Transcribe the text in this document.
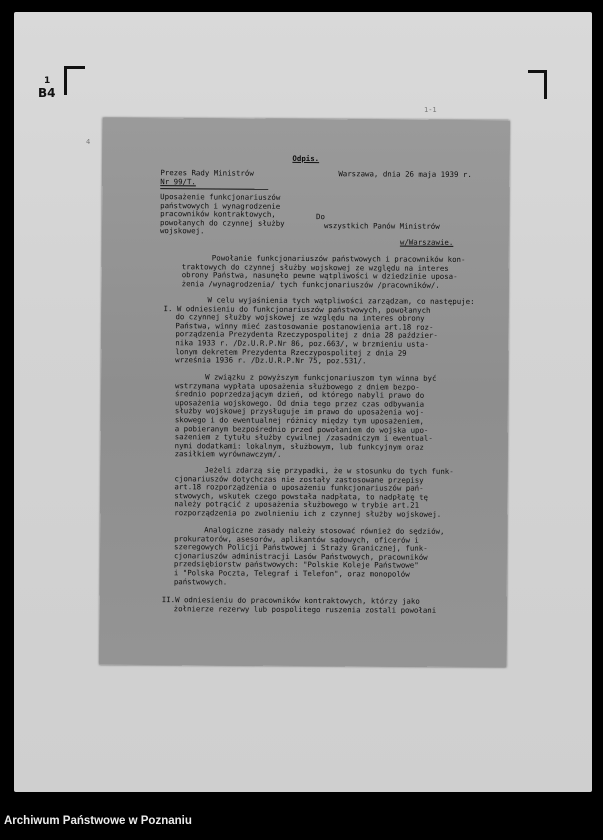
1
B4
4
1-1

Odpis.

Prezes Rady Ministrów

Nr 99/T.

Warszawa, dnia 26 maja 1939 r.

Uposażenie funkcjonariuszów

państwowych i wynagrodzenie

pracowników kontraktowych,

powołanych do czynnej służby

wojskowej.

Do

wszystkich Panów Ministrów

w/Warszawie.

Powołanie funkcjonariuszów państwowych i pracowników kon-

traktowych do czynnej służby wojskowej ze względu na interes

obrony Państwa, nasunęło pewne wątpliwości w dziedzinie uposa-

żenia /wynagrodzenia/ tych funkcjonariuszów /pracowników/.

W celu wyjaśnienia tych wątpliwości zarządzam, co następuje:

I. W odniesieniu do funkcjonariuszów państwowych, powołanych

do czynnej służby wojskowej ze względu na interes obrony

Państwa, winny mieć zastosowanie postanowienia art.18 roz-

porządzenia Prezydenta Rzeczypospolitej z dnia 28 paździer-

nika 1933 r. /Dz.U.R.P.Nr 86, poz.663/, w brzmieniu usta-

lonym dekretem Prezydenta Rzeczypospolitej z dnia 29

września 1936 r. /Dz.U.R.P.Nr 75, poz.531/.

W związku z powyższym funkcjonariuszom tym winna być

wstrzymana wypłata uposażenia służbowego z dniem bezpo-

średnio poprzedzającym dzień, od którego nabyli prawo do

uposażenia wojskowego. Od dnia tego przez czas odbywania

służby wojskowej przysługuje im prawo do uposażenia woj-

skowego i do ewentualnej różnicy między tym uposażeniem,

a pobieranym bezpośrednio przed powołaniem do wojska upo-

sażeniem z tytułu służby cywilnej /zasadniczym i ewentual-

nymi dodatkami: lokalnym, służbowym, lub funkcyjnym oraz

zasiłkiem wyrównawczym/.

Jeżeli zdarzą się przypadki, że w stosunku do tych funk-

cjonariuszów dotychczas nie zostały zastosowane przepisy

art.18 rozporządzenia o uposażeniu funkcjonariuszów pań-

stwowych, wskutek czego powstała nadpłata, to nadpłatę tę

należy potrącić z uposażenia służbowego w trybie art.21

rozporządzenia po zwolnieniu ich z czynnej służby wojskowej.

Analogiczne zasady należy stosować również do sędziów,

prokuratorów, asesorów, aplikantów sądowych, oficerów i

szeregowych Policji Państwowej i Straży Granicznej, funk-

cjonariuszów administracji Lasów Państwowych, pracowników

przedsiębiorstw państwowych: "Polskie Koleje Państwowe"

i "Polska Poczta, Telegraf i Telefon", oraz monopolów

państwowych.

II.W odniesieniu do pracowników kontraktowych, którzy jako

żołnierze rezerwy lub pospolitego ruszenia zostali powołani

Archiwum Państwowe w Poznaniu
